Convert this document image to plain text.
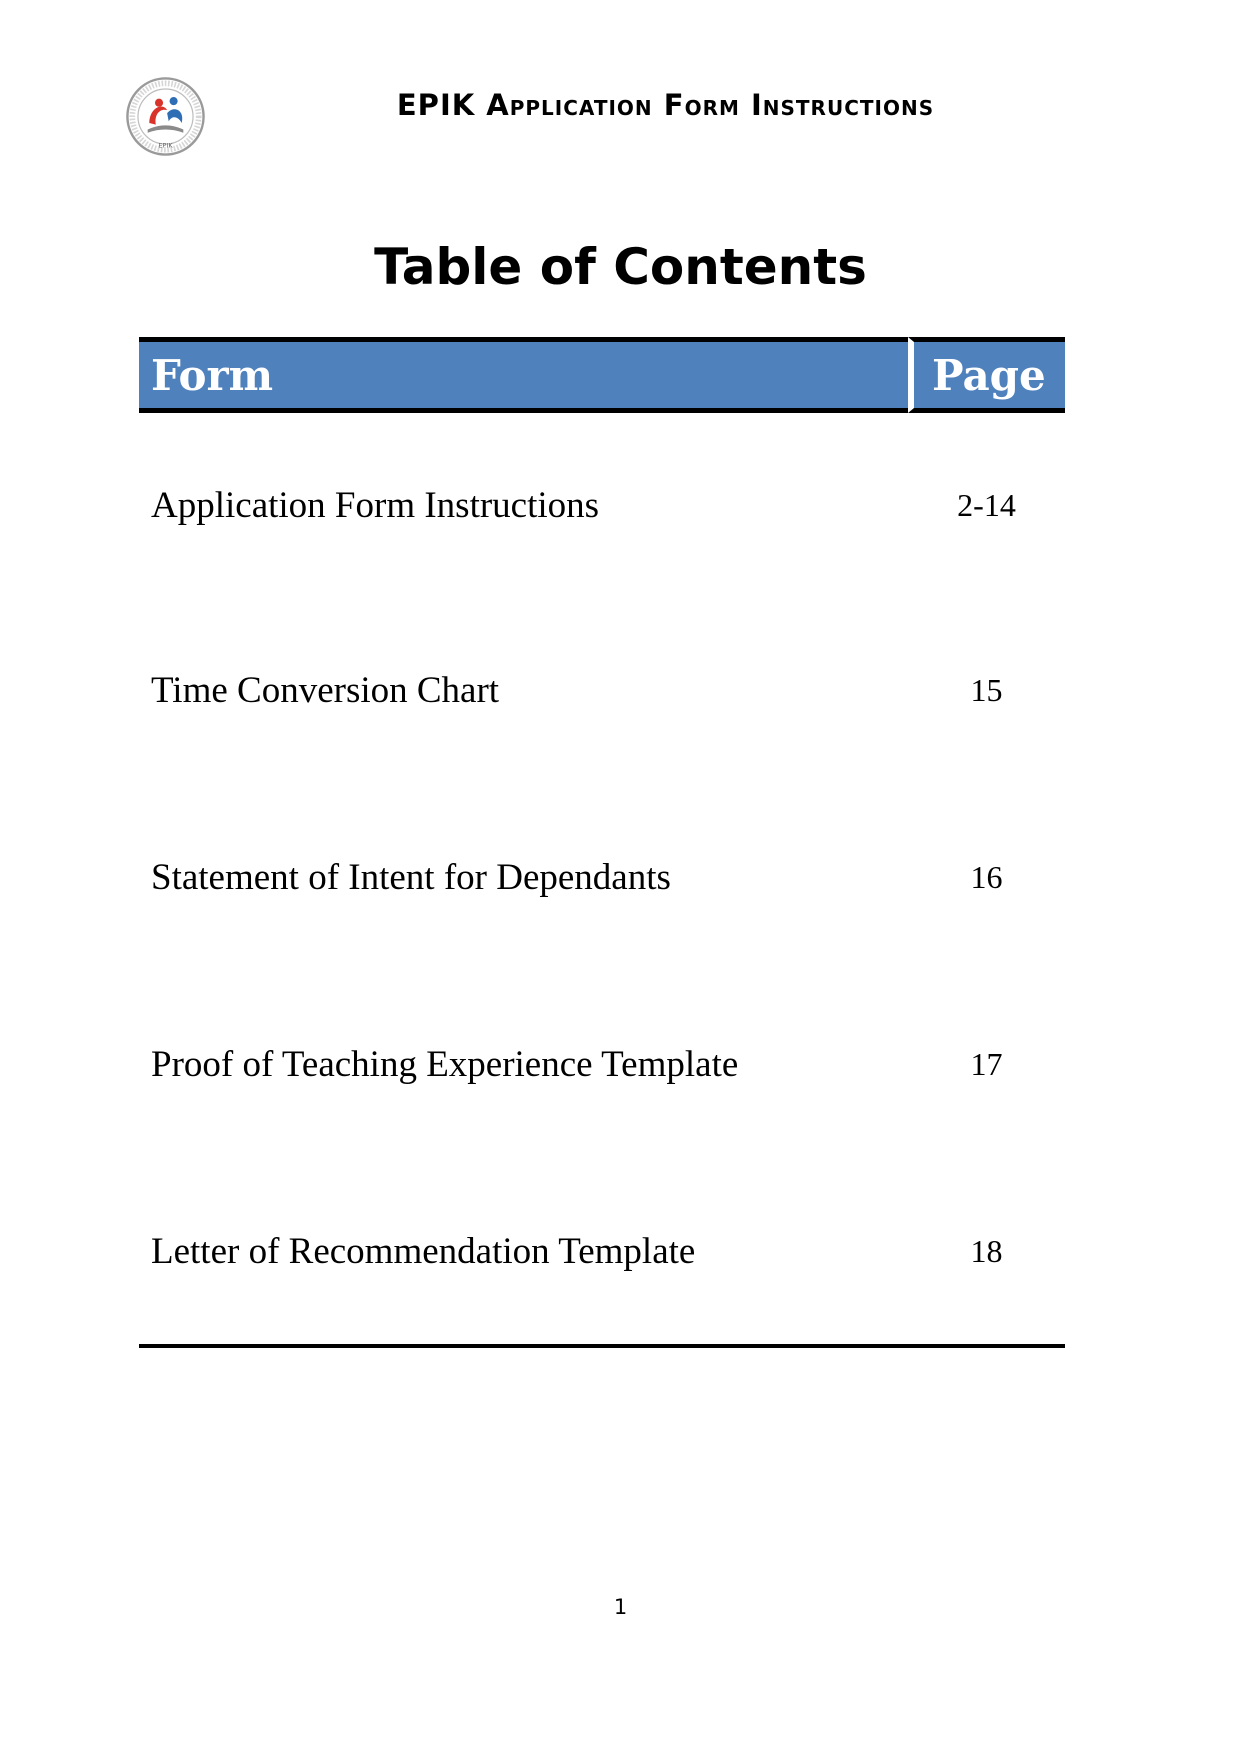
EPIK
EPIK Application Form Instructions
Table of Contents
Form	Page
Application Form Instructions	2-14
Time Conversion Chart	15
Statement of Intent for Dependants	16
Proof of Teaching Experience Template	17
Letter of Recommendation Template	18
1
